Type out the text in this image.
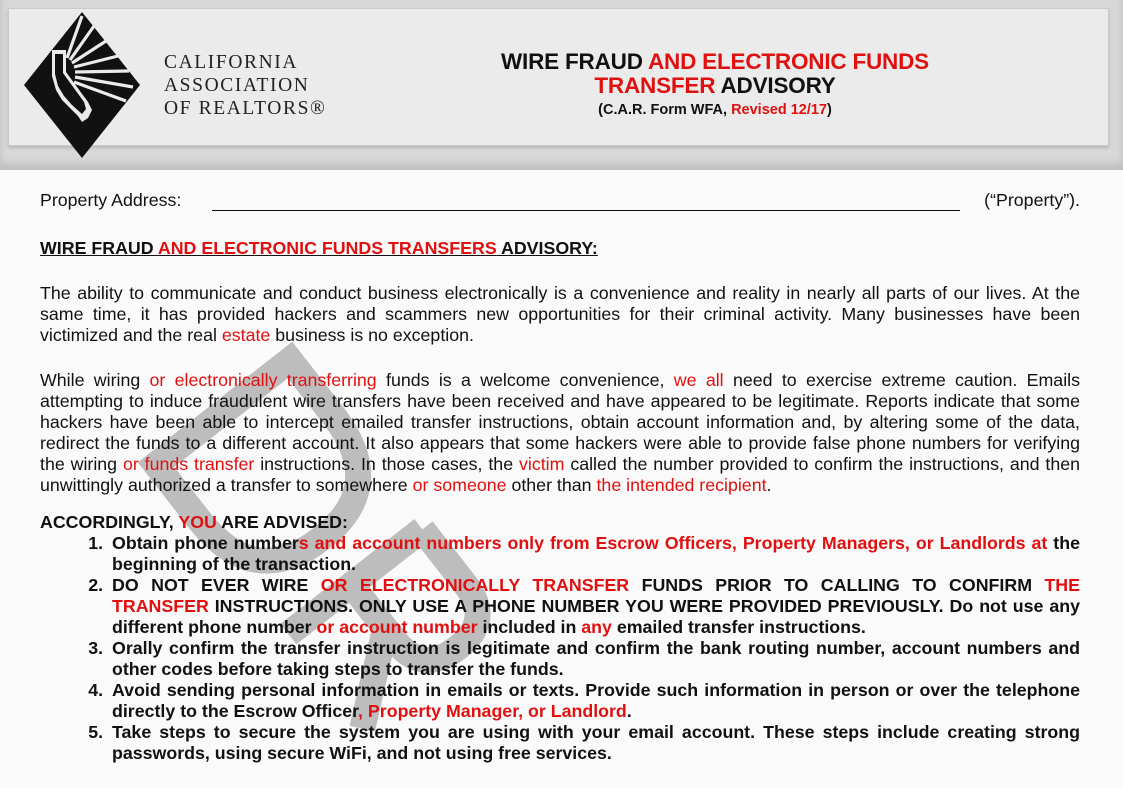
CALIFORNIA
ASSOCIATION
OF REALTORS®
WIRE FRAUD AND ELECTRONIC FUNDS
TRANSFER ADVISORY
(C.A.R. Form WFA, Revised 12/17)
Property Address:	(“Property”).
WIRE FRAUD AND ELECTRONIC FUNDS TRANSFERS ADVISORY:

The ability to communicate and conduct business electronically is a convenience and reality in nearly all parts of our lives. At the same time, it has provided hackers and scammers new opportunities for their criminal activity. Many businesses have been victimized and the real estate business is no exception.

While wiring or electronically transferring funds is a welcome convenience, we all need to exercise extreme caution. Emails attempting to induce fraudulent wire transfers have been received and have appeared to be legitimate. Reports indicate that some hackers have been able to intercept emailed transfer instructions, obtain account information and, by altering some of the data, redirect the funds to a different account. It also appears that some hackers were able to provide false phone numbers for verifying the wiring or funds transfer instructions. In those cases, the victim called the number provided to confirm the instructions, and then unwittingly authorized a transfer to somewhere or someone other than the intended recipient.

ACCORDINGLY, YOU ARE ADVISED:
1. Obtain phone numbers and account numbers only from Escrow Officers, Property Managers, or Landlords at the beginning of the transaction.
2. DO NOT EVER WIRE OR ELECTRONICALLY TRANSFER FUNDS PRIOR TO CALLING TO CONFIRM THE TRANSFER INSTRUCTIONS. ONLY USE A PHONE NUMBER YOU WERE PROVIDED PREVIOUSLY. Do not use any different phone number or account number included in any emailed transfer instructions.
3. Orally confirm the transfer instruction is legitimate and confirm the bank routing number, account numbers and other codes before taking steps to transfer the funds.
4. Avoid sending personal information in emails or texts. Provide such information in person or over the telephone directly to the Escrow Officer, Property Manager, or Landlord.
5. Take steps to secure the system you are using with your email account. These steps include creating strong passwords, using secure WiFi, and not using free services.
